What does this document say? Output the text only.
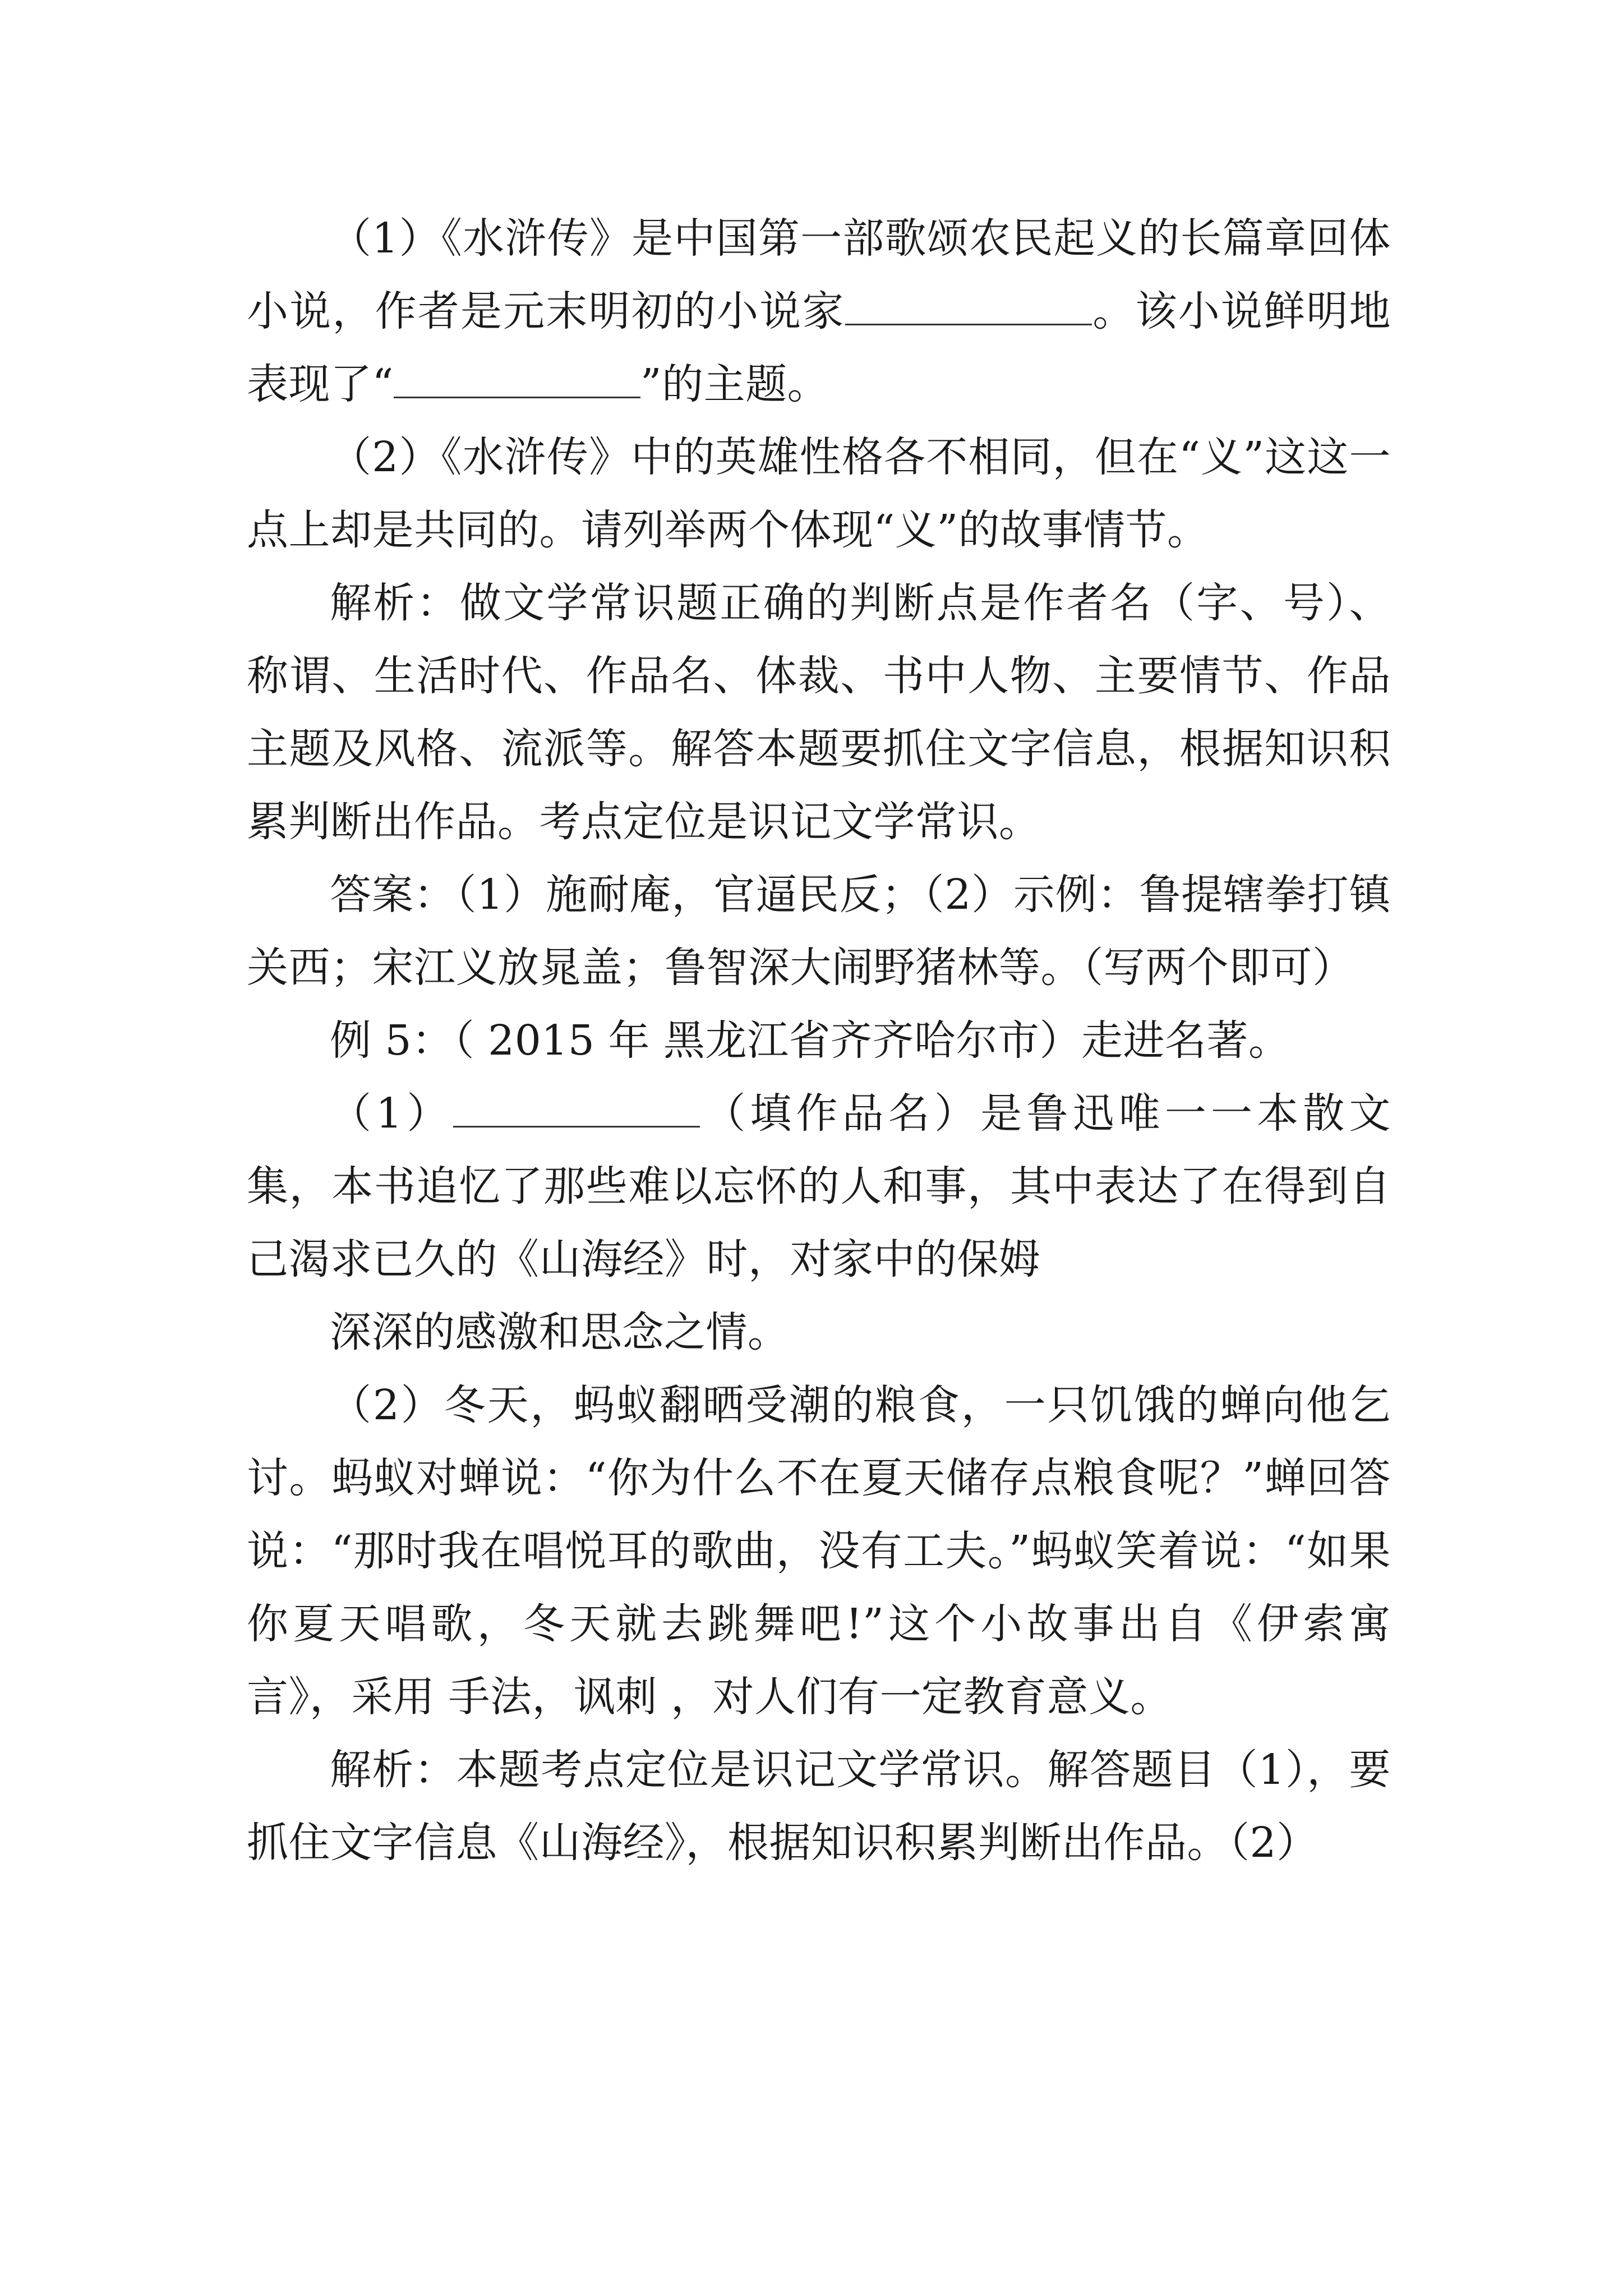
（1）《水浒传》是中国第一部歌颂农民起义的长篇章回体小说，作者是元末明初的小说家	。该小说鲜明地表现了“	”的主题。

（2）《水浒传》中的英雄性格各不相同，但在“义”这这一点上却是共同的。请列举两个体现“义”的故事情节。

解析：做文学常识题正确的判断点是作者名（字、号）、称谓、生活时代、作品名、体裁、书中人物、主要情节、作品主题及风格、流派等。解答本题要抓住文字信息，根据知识积累判断出作品。考点定位是识记文学常识。

答案：（1）施耐庵，官逼民反；（2）示例：鲁提辖拳打镇关西；宋江义放晁盖；鲁智深大闹野猪林等。（写两个即可）

例 5：（ 2015 年 黑龙江省齐齐哈尔市）走进名著。

（1）	（填作品名）是鲁迅唯一一本散文集，本书追忆了那些难以忘怀的人和事，其中表达了在得到自己渴求已久的《山海经》时，对家中的保姆

深深的感激和思念之情。

（2）冬天，蚂蚁翻晒受潮的粮食，一只饥饿的蝉向他乞讨。蚂蚁对蝉说：“你为什么不在夏天储存点粮食呢？”蝉回答说：“那时我在唱悦耳的歌曲，没有工夫。”蚂蚁笑着说：“如果你夏天唱歌，冬天就去跳舞吧!”这个小故事出自《伊索寓言》，采用 手法，讽刺 ，对人们有一定教育意义。

解析：本题考点定位是识记文学常识。解答题目（1），要抓住文字信息《山海经》，根据知识积累判断出作品。（2）
